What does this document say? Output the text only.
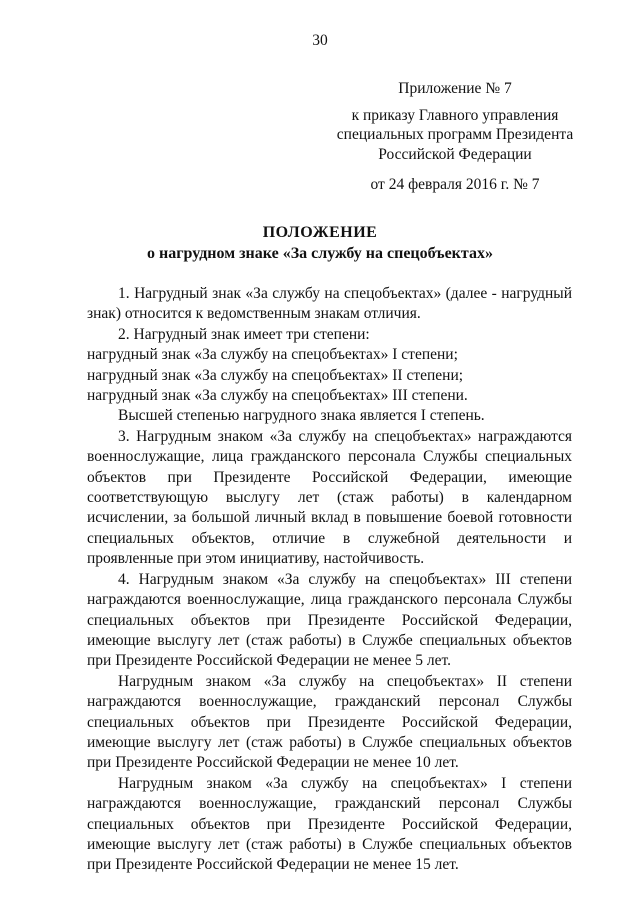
30
Приложение № 7
к приказу Главного управления
специальных программ Президента
Российской Федерации
от 24 февраля 2016 г. № 7
ПОЛОЖЕНИЕ
о нагрудном знаке «За службу на спецобъектах»

1. Нагрудный знак «За службу на спецобъектах» (далее - нагрудный знак) относится к ведомственным знакам отличия.

2. Нагрудный знак имеет три степени:

нагрудный знак «За службу на спецобъектах» I степени;

нагрудный знак «За службу на спецобъектах» II степени;

нагрудный знак «За службу на спецобъектах» III степени.

Высшей степенью нагрудного знака является I степень.

3. Нагрудным знаком «За службу на спецобъектах» награждаются военнослужащие, лица гражданского персонала Службы специальных объектов при Президенте Российской Федерации, имеющие соответствующую выслугу лет (стаж работы) в календарном исчислении, за большой личный вклад в повышение боевой готовности специальных объектов, отличие в служебной деятельности и проявленные при этом инициативу, настойчивость.

4. Нагрудным знаком «За службу на спецобъектах» III степени награждаются военнослужащие, лица гражданского персонала Службы специальных объектов при Президенте Российской Федерации, имеющие выслугу лет (стаж работы) в Службе специальных объектов при Президенте Российской Федерации не менее 5 лет.

Нагрудным знаком «За службу на спецобъектах» II степени награждаются военнослужащие, гражданский персонал Службы специальных объектов при Президенте Российской Федерации, имеющие выслугу лет (стаж работы) в Службе специальных объектов при Президенте Российской Федерации не менее 10 лет.

Нагрудным знаком «За службу на спецобъектах» I степени награждаются военнослужащие, гражданский персонал Службы специальных объектов при Президенте Российской Федерации, имеющие выслугу лет (стаж работы) в Службе специальных объектов при Президенте Российской Федерации не менее 15 лет.
